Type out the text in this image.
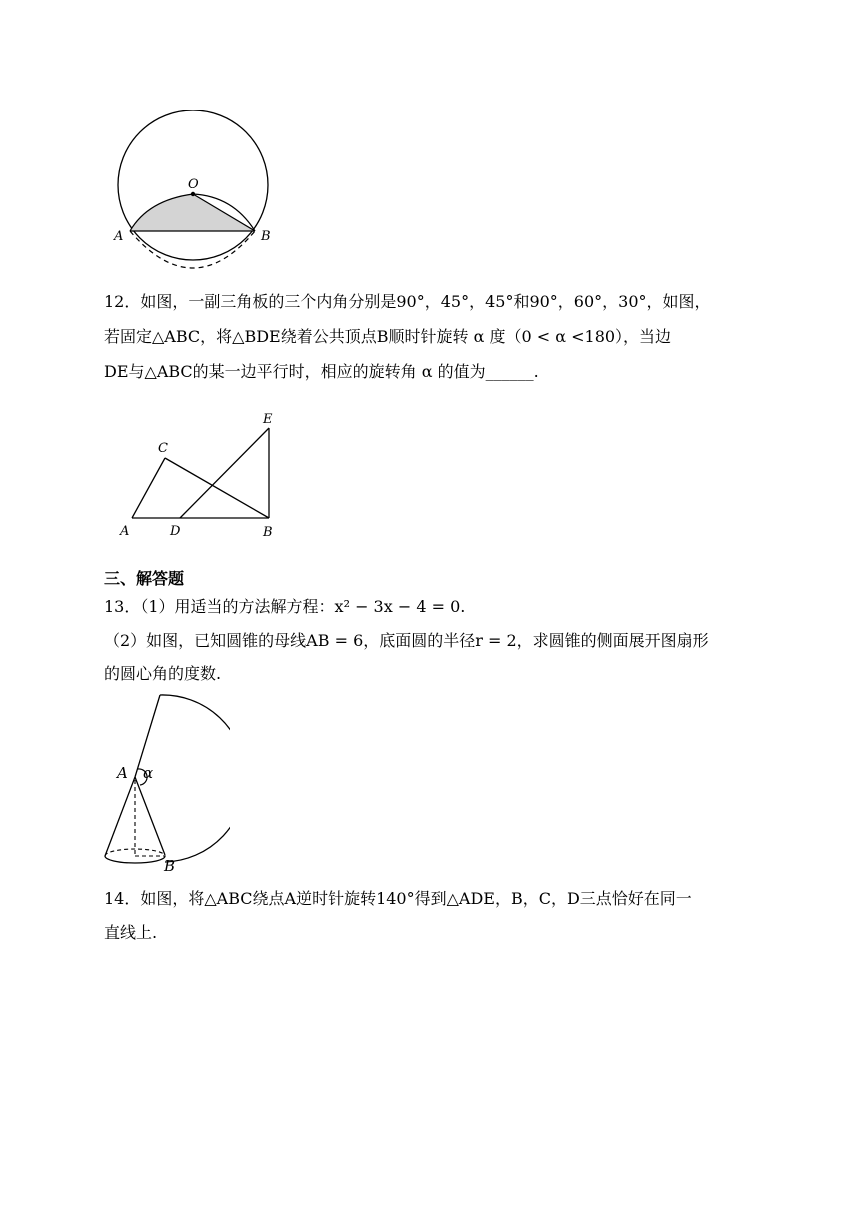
O
A	B
12．如图，一副三角板的三个内角分别是90°，45°，45°和90°，60°，30°，如图，
若固定△ABC，将△BDE绕着公共顶点B顺时针旋转 α 度（0 < α <180），当边
DE与△ABC的某一边平行时，相应的旋转角 α 的值为______.
C
E
A	D	B
三、解答题
13．（1）用适当的方法解方程：x² − 3x − 4 = 0.
（2）如图，已知圆锥的母线AB = 6，底面圆的半径r = 2，求圆锥的侧面展开图扇形
的圆心角的度数.
A α
B
14．如图，将△ABC绕点A逆时针旋转140°得到△ADE，B，C，D三点恰好在同一
直线上.
